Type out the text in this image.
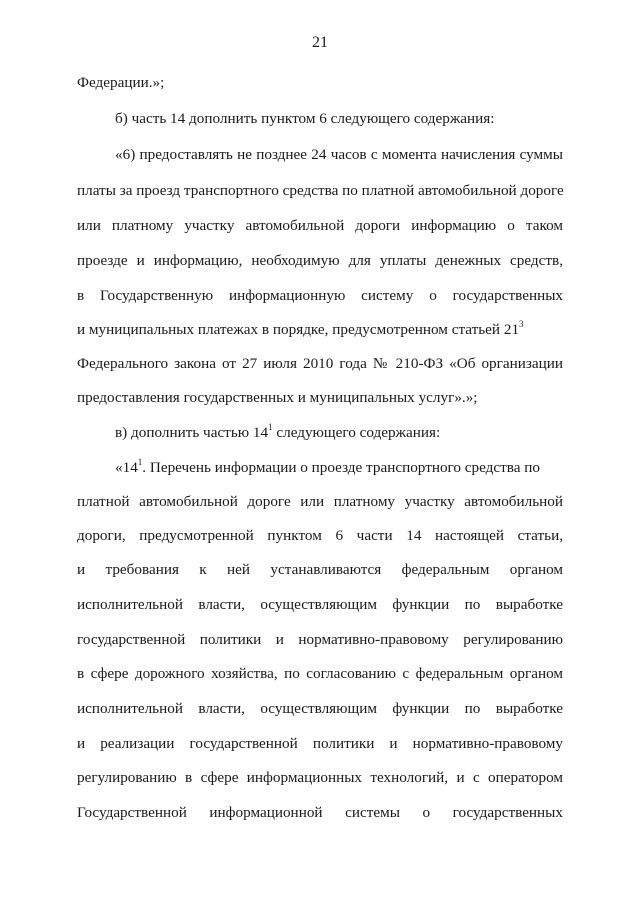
21
Федерации.»;
б) часть 14 дополнить пунктом 6 следующего содержания:
«6) предоставлять не позднее 24 часов с момента начисления суммы
платы за проезд транспортного средства по платной автомобильной дороге
или платному участку автомобильной дороги информацию о таком
проезде и информацию, необходимую для уплаты денежных средств,
в Государственную информационную систему о государственных
и муниципальных платежах в порядке, предусмотренном статьей $21^3$
Федерального закона от 27 июля 2010 года № 210-ФЗ «Об организации
предоставления государственных и муниципальных услуг».»;
в) дополнить частью $14^1$ следующего содержания:
«$14^1$. Перечень информации о проезде транспортного средства по
платной автомобильной дороге или платному участку автомобильной
дороги, предусмотренной пунктом 6 части 14 настоящей статьи,
и требования к ней устанавливаются федеральным органом
исполнительной власти, осуществляющим функции по выработке
государственной политики и нормативно-правовому регулированию
в сфере дорожного хозяйства, по согласованию с федеральным органом
исполнительной власти, осуществляющим функции по выработке
и реализации государственной политики и нормативно-правовому
регулированию в сфере информационных технологий, и с оператором
Государственной информационной системы о государственных
